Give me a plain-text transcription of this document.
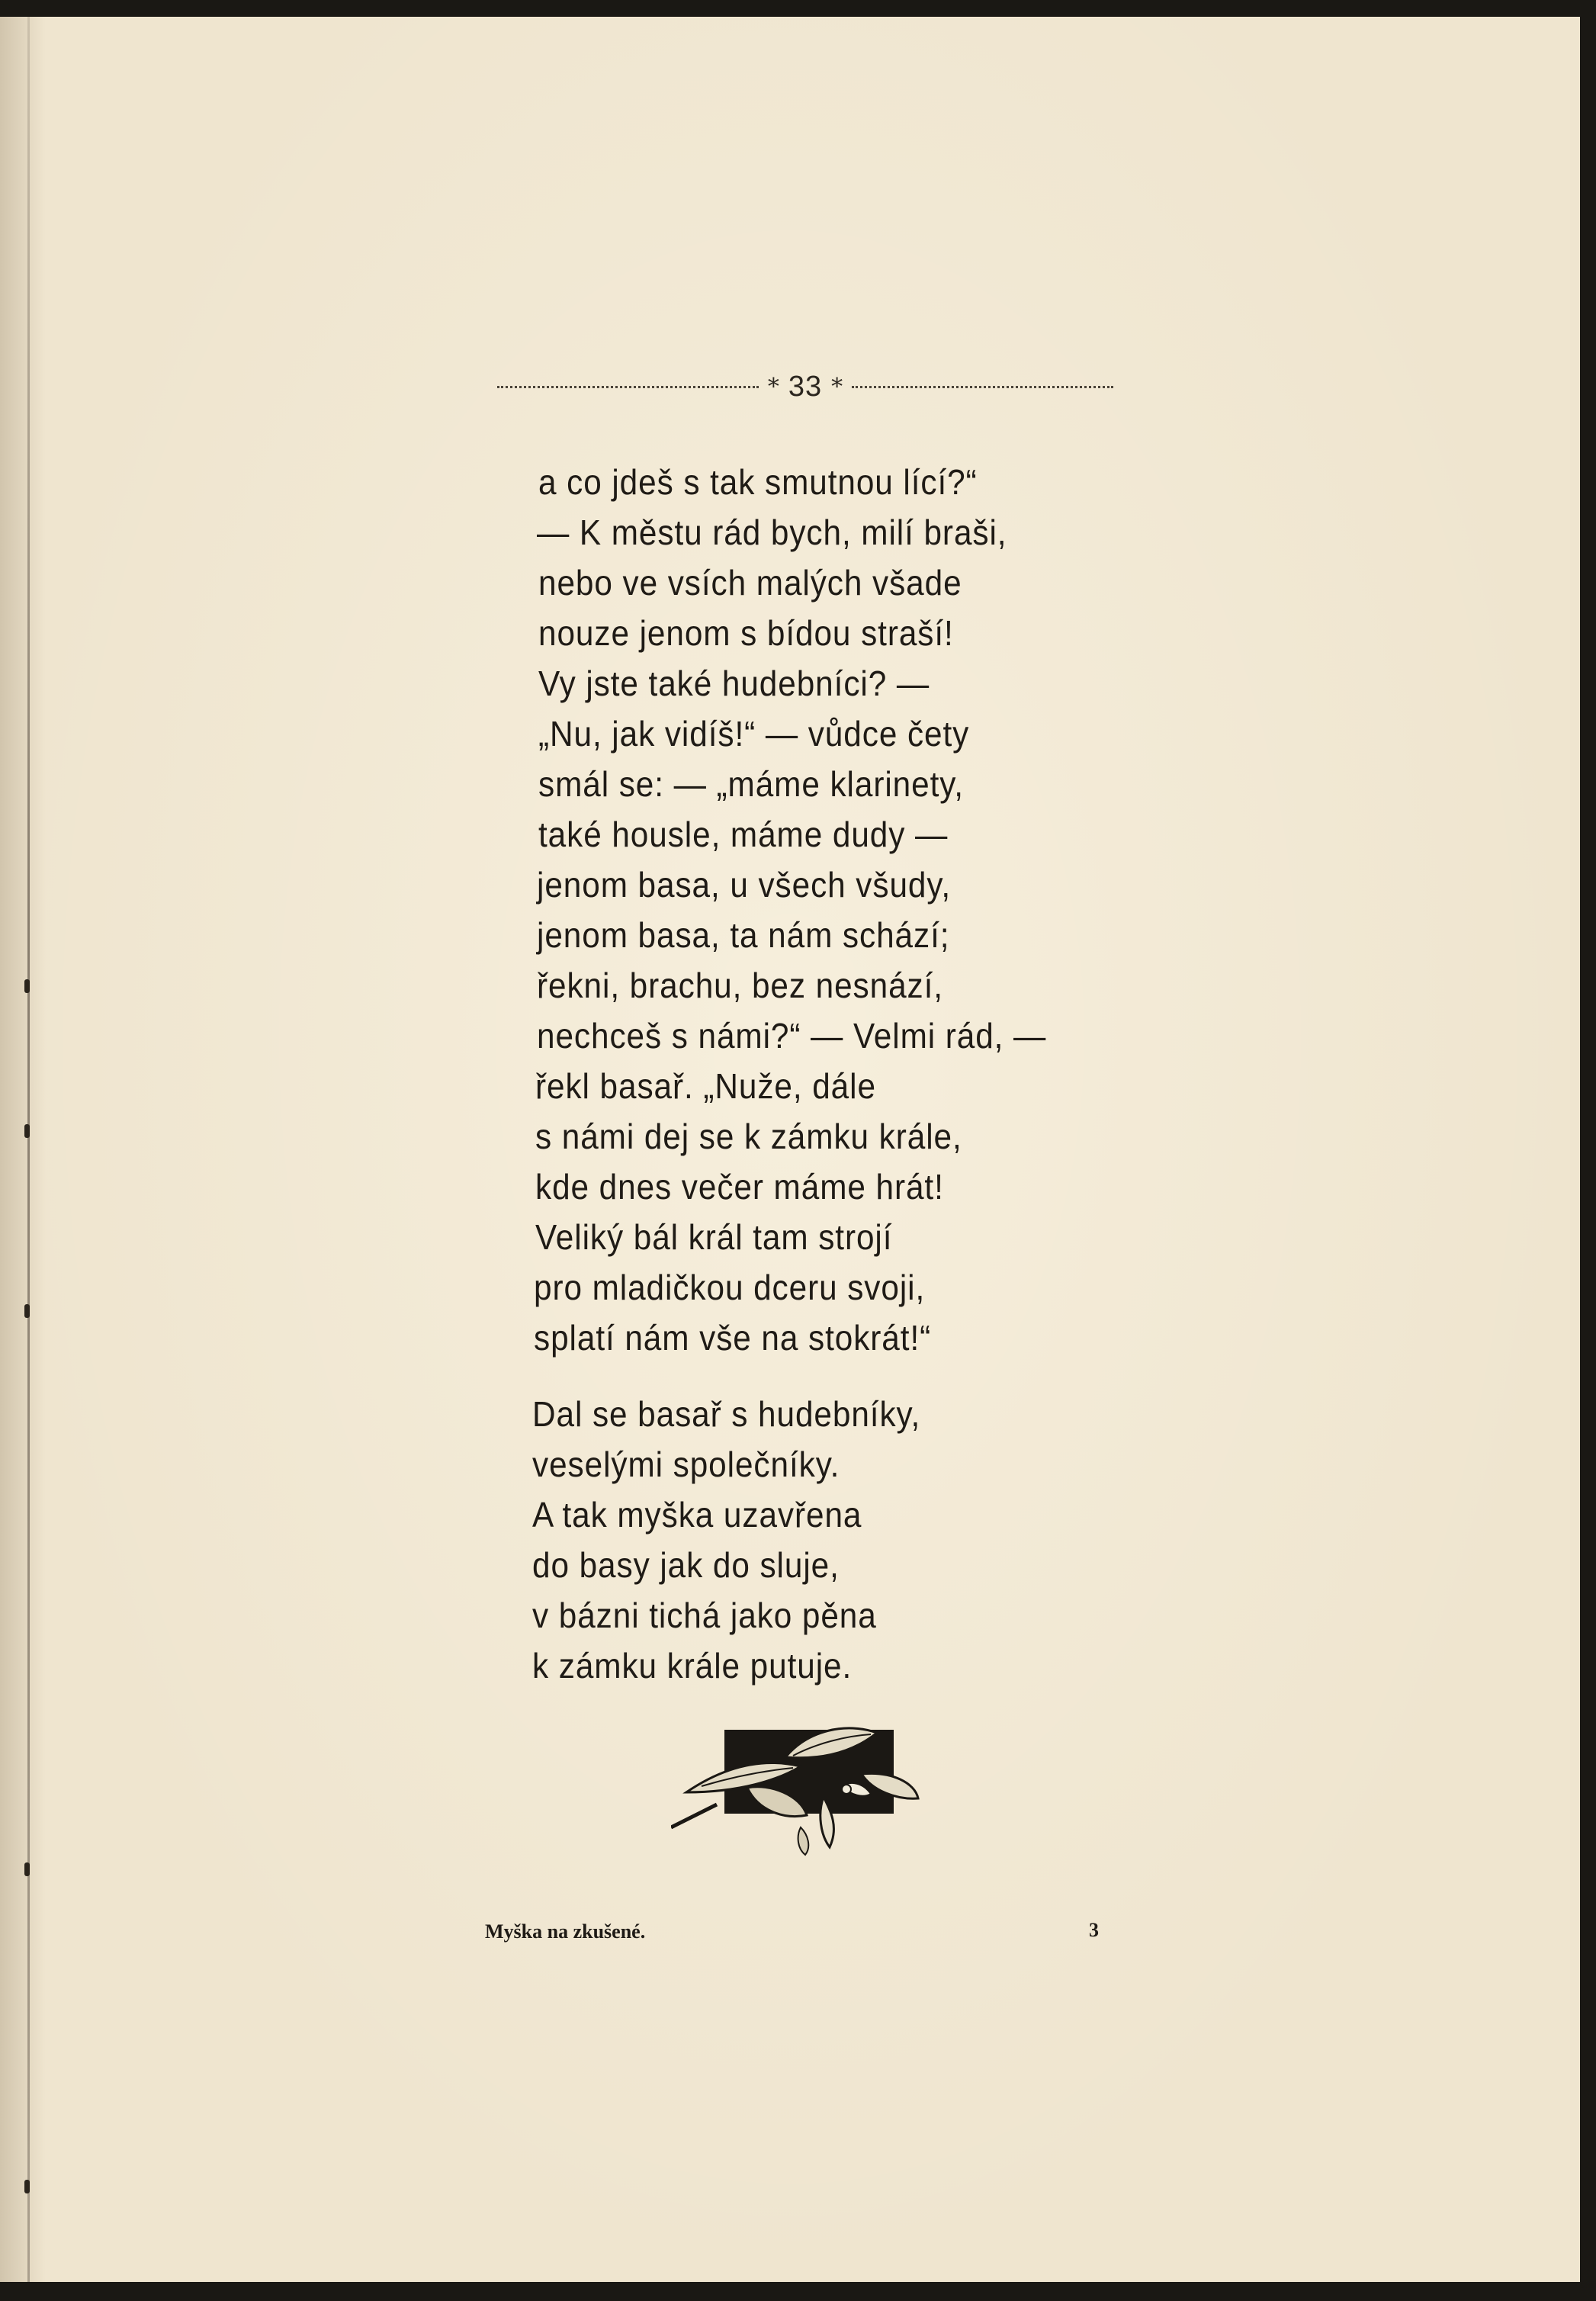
* 33 *
a co jdeš s tak smutnou lící?“
— K městu rád bych, milí braši,
nebo ve vsích malých všade
nouze jenom s bídou straší!
Vy jste také hudebníci? —
„Nu, jak vidíš!“ — vůdce čety
smál se: — „máme klarinety,
také housle, máme dudy —
jenom basa, u všech všudy,
jenom basa, ta nám schází;
řekni, brachu, bez nesnází,
nechceš s námi?“ — Velmi rád, —
řekl basař. „Nuže, dále
s námi dej se k zámku krále,
kde dnes večer máme hrát!
Veliký bál král tam strojí
pro mladičkou dceru svoji,
splatí nám vše na stokrát!“
Dal se basař s hudebníky,
veselými společníky.
A tak myška uzavřena
do basy jak do sluje,
v bázni tichá jako pěna
k zámku krále putuje.
Myška na zkušené.	3
